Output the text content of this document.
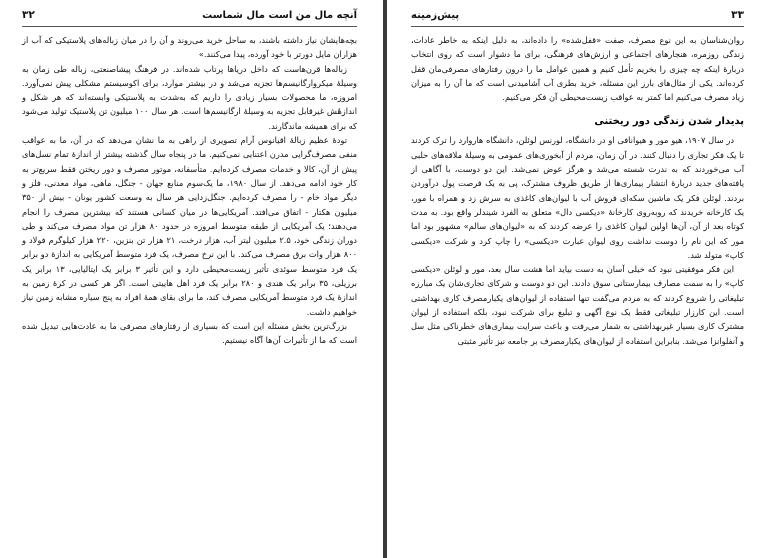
آنچه مال من است مال شماست
۳۲

بچه‌هایشان نیاز داشته باشند، به ساحل خرید می‌روند و آن را در میان زباله‌های پلاستیکی که آب از هزاران مایل دورتر با خود آورده، پیدا می‌کنند.»

زباله‌ها قرن‌هاست که داخل دریاها پرتاب شده‌اند. در فرهنگ پیشاصنعتی، زباله طی زمان به وسیلهٔ میکروارگانیسم‌ها تجزیه می‌شد و در بیشتر موارد، برای اکوسیستم مشکلی پیش نمی‌آورد. امروزه، ما محصولات بسیار زیادی را داریم که به‌شدت به پلاستیکی وابسته‌اند که هر شکل و اندازهٔش غیرقابل تجزیه به وسیلهٔ ارگانیسم‌ها است. هر سال ۱۰۰ میلیون تن پلاستیک تولید می‌شود که برای همیشه ماندگارند.

تودهٔ عظیم زبالهٔ اقیانوس آرام تصویری از راهی به ما نشان می‌دهد که در آن، ما به عواقب منفی مصرف‌گرایی مدرن اعتنایی نمی‌کنیم. ما در پنجاه سال گذشته بیشتر از اندازهٔ تمام نسل‌های پیش از آن، کالا و خدمات مصرف کرده‌ایم. متأسفانه، موتور مصرف و دور ریختن فقط سریع‌تر به کار خود ادامه می‌دهد. از سال ۱۹۸۰، ما یک‌سوم منابع جهان - جنگل، ماهی، مواد معدنی، فلز و دیگر مواد خام - را مصرف کرده‌ایم. جنگل‌زدایی هر سال به وسعت کشور یونان - بیش از ۳۵۰ میلیون هکتار - اتفاق می‌افتد. آمریکایی‌ها در میان کسانی هستند که بیشترین مصرف را انجام می‌دهند؛ یک آمریکایی از طبقه متوسط امروزه در حدود ۸۰ هزار تن مواد مصرف می‌کند و طی دوران زندگی خود، ۲.۵ میلیون لیتر آب، هزار درخت، ۲۱ هزار تن بنزین، ۲۲۰ هزار کیلوگرم فولاد و ۸۰۰ هزار وات برق مصرف می‌کند. با این نرخ مصرف، یک فرد متوسط آمریکایی به اندازهٔ دو برابر یک فرد متوسط سوئدی تأثیر زیست‌محیطی دارد و این تأثیر ۳ برابر یک ایتالیایی، ۱۳ برابر یک برزیلی، ۳۵ برابر یک هندی و ۲۸۰ برابر یک فرد اهل هاییتی است. اگر هر کسی در کرهٔ زمین به اندازهٔ یک فرد متوسط آمریکایی مصرف کند، ما برای بقای همهٔ افراد به پنج سیاره مشابه زمین نیاز خواهیم داشت.

بزرگ‌ترین بخش مسئله این است که بسیاری از رفتارهای مصرفی ما به عادت‌هایی تبدیل شده است که ما از تأثیرات آن‌ها آگاه نیستیم.

۳۳
پیش‌زمینه

روان‌شناسان به این نوع مصرف، صفت «قفل‌شده» را داده‌اند، به دلیل اینکه به خاطر عادات، زندگی روزمره، هنجارهای اجتماعی و ارزش‌های فرهنگی، برای ما دشوار است که روی انتخاب دربارهٔ اینکه چه چیزی را بخریم تأمل کنیم و همین عوامل ما را درون رفتارهای مصرفی‌مان قفل کرده‌اند. یکی از مثال‌های بارز این مسئله، خرید بطری آب آشامیدنی است که ما آن را به میزان زیاد مصرف می‌کنیم اما کمتر به عواقب زیست‌محیطی آن فکر می‌کنیم.

پدیدار شدن زندگی دور ریختنی

در سال ۱۹۰۷، هیو مور و هیوانافی او در دانشگاه، لورنس لوئلن، دانشگاه هاروارد را ترک کردند تا یک فکر تجاری را دنبال کنند. در آن زمان، مردم از آبخوری‌های عمومی به وسیلهٔ ملاقه‌های حلبی آب می‌خوردند که به ندرت شسته می‌شد و هرگز عوض نمی‌شد. این دو دوست، با آگاهی از یافته‌های جدید دربارهٔ انتشار بیماری‌ها از طریق ظروف مشترک، پی به یک فرصت پول درآوردن بردند. لوئلن فکر یک ماشین سکه‌ای فروش آب با لیوان‌های کاغذی به سرش زد و همراه با مور، یک کارخانه خریدند که روبه‌روی کارخانهٔ «دیکسی دال» متعلق به الفرد شیندلر واقع بود. به مدت کوتاه بعد از آن، آن‌ها اولین لیوان کاغذی را عرضه کردند که به «لیوان‌های سالم» مشهور بود اما مور که این نام را دوست نداشت روی لیوان عبارت «دیکسی» را چاپ کرد و شرکت «دیکسی کاپ» متولد شد.

این فکر موفقیتی نبود که خیلی آسان به دست بیاید اما هشت سال بعد، مور و لوئلن «دیکسی کاپ» را به سمت مصارف بیمارستانی سوق دادند. این دو دوست و شرکای تجاری‌شان یک مبارزه تبلیغاتی را شروع کردند که به مردم می‌گفت تنها استفاده از لیوان‌های یکبارمصرف کاری بهداشتی است. این کارزار تبلیغاتی فقط یک نوع آگهی و تبلیغ برای شرکت نبود، بلکه استفاده از لیوان مشترک کاری بسیار غیربهداشتی به شمار می‌رفت و باعث سرایت بیماری‌های خطرناکی مثل سل و آنفلوانزا می‌شد. بنابراین استفاده از لیوان‌های یکبارمصرف بر جامعه نیز تأثیر مثبتی
